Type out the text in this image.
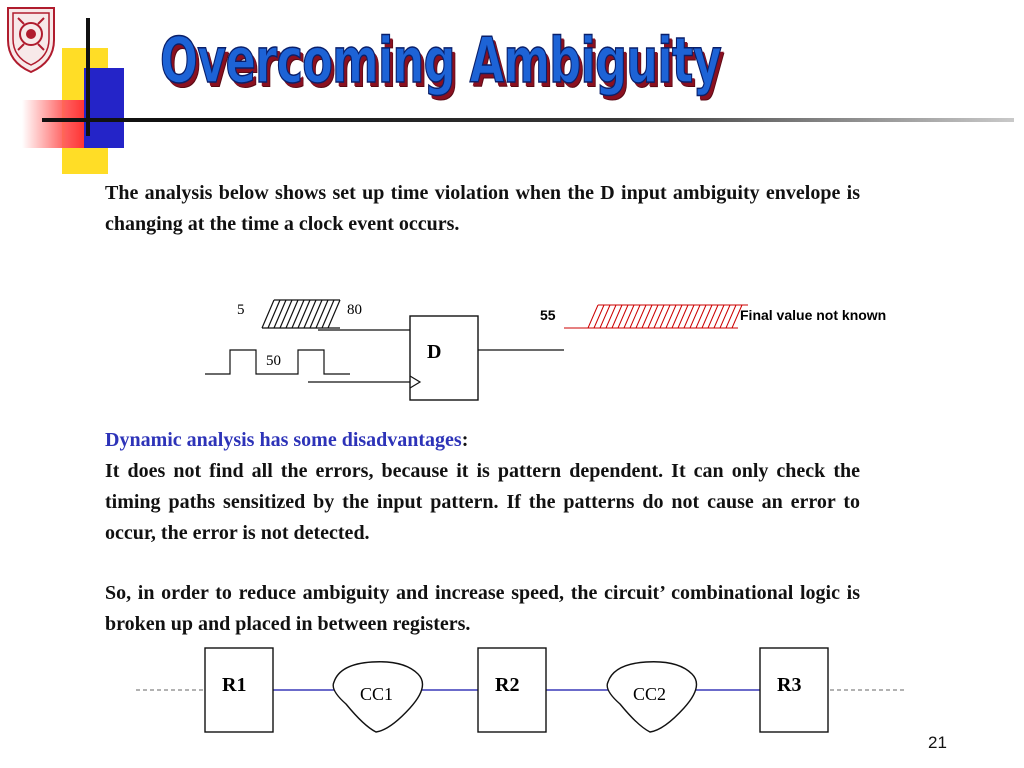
Overcoming Ambiguity

The analysis below shows set up time violation when the D input ambiguity envelope is changing at the time a clock event occurs.

5	80
50	D
55	Final value not known
R1	CC1	R2	CC2	R3
Dynamic analysis has some disadvantages:
It does not find all the errors, because it is pattern dependent. It can only check the timing paths sensitized by the input pattern. If the patterns do not cause an error to occur, the error is not detected.

So, in order to reduce ambiguity and increase speed, the circuit’ combinational logic is broken up and placed in between registers.

21
